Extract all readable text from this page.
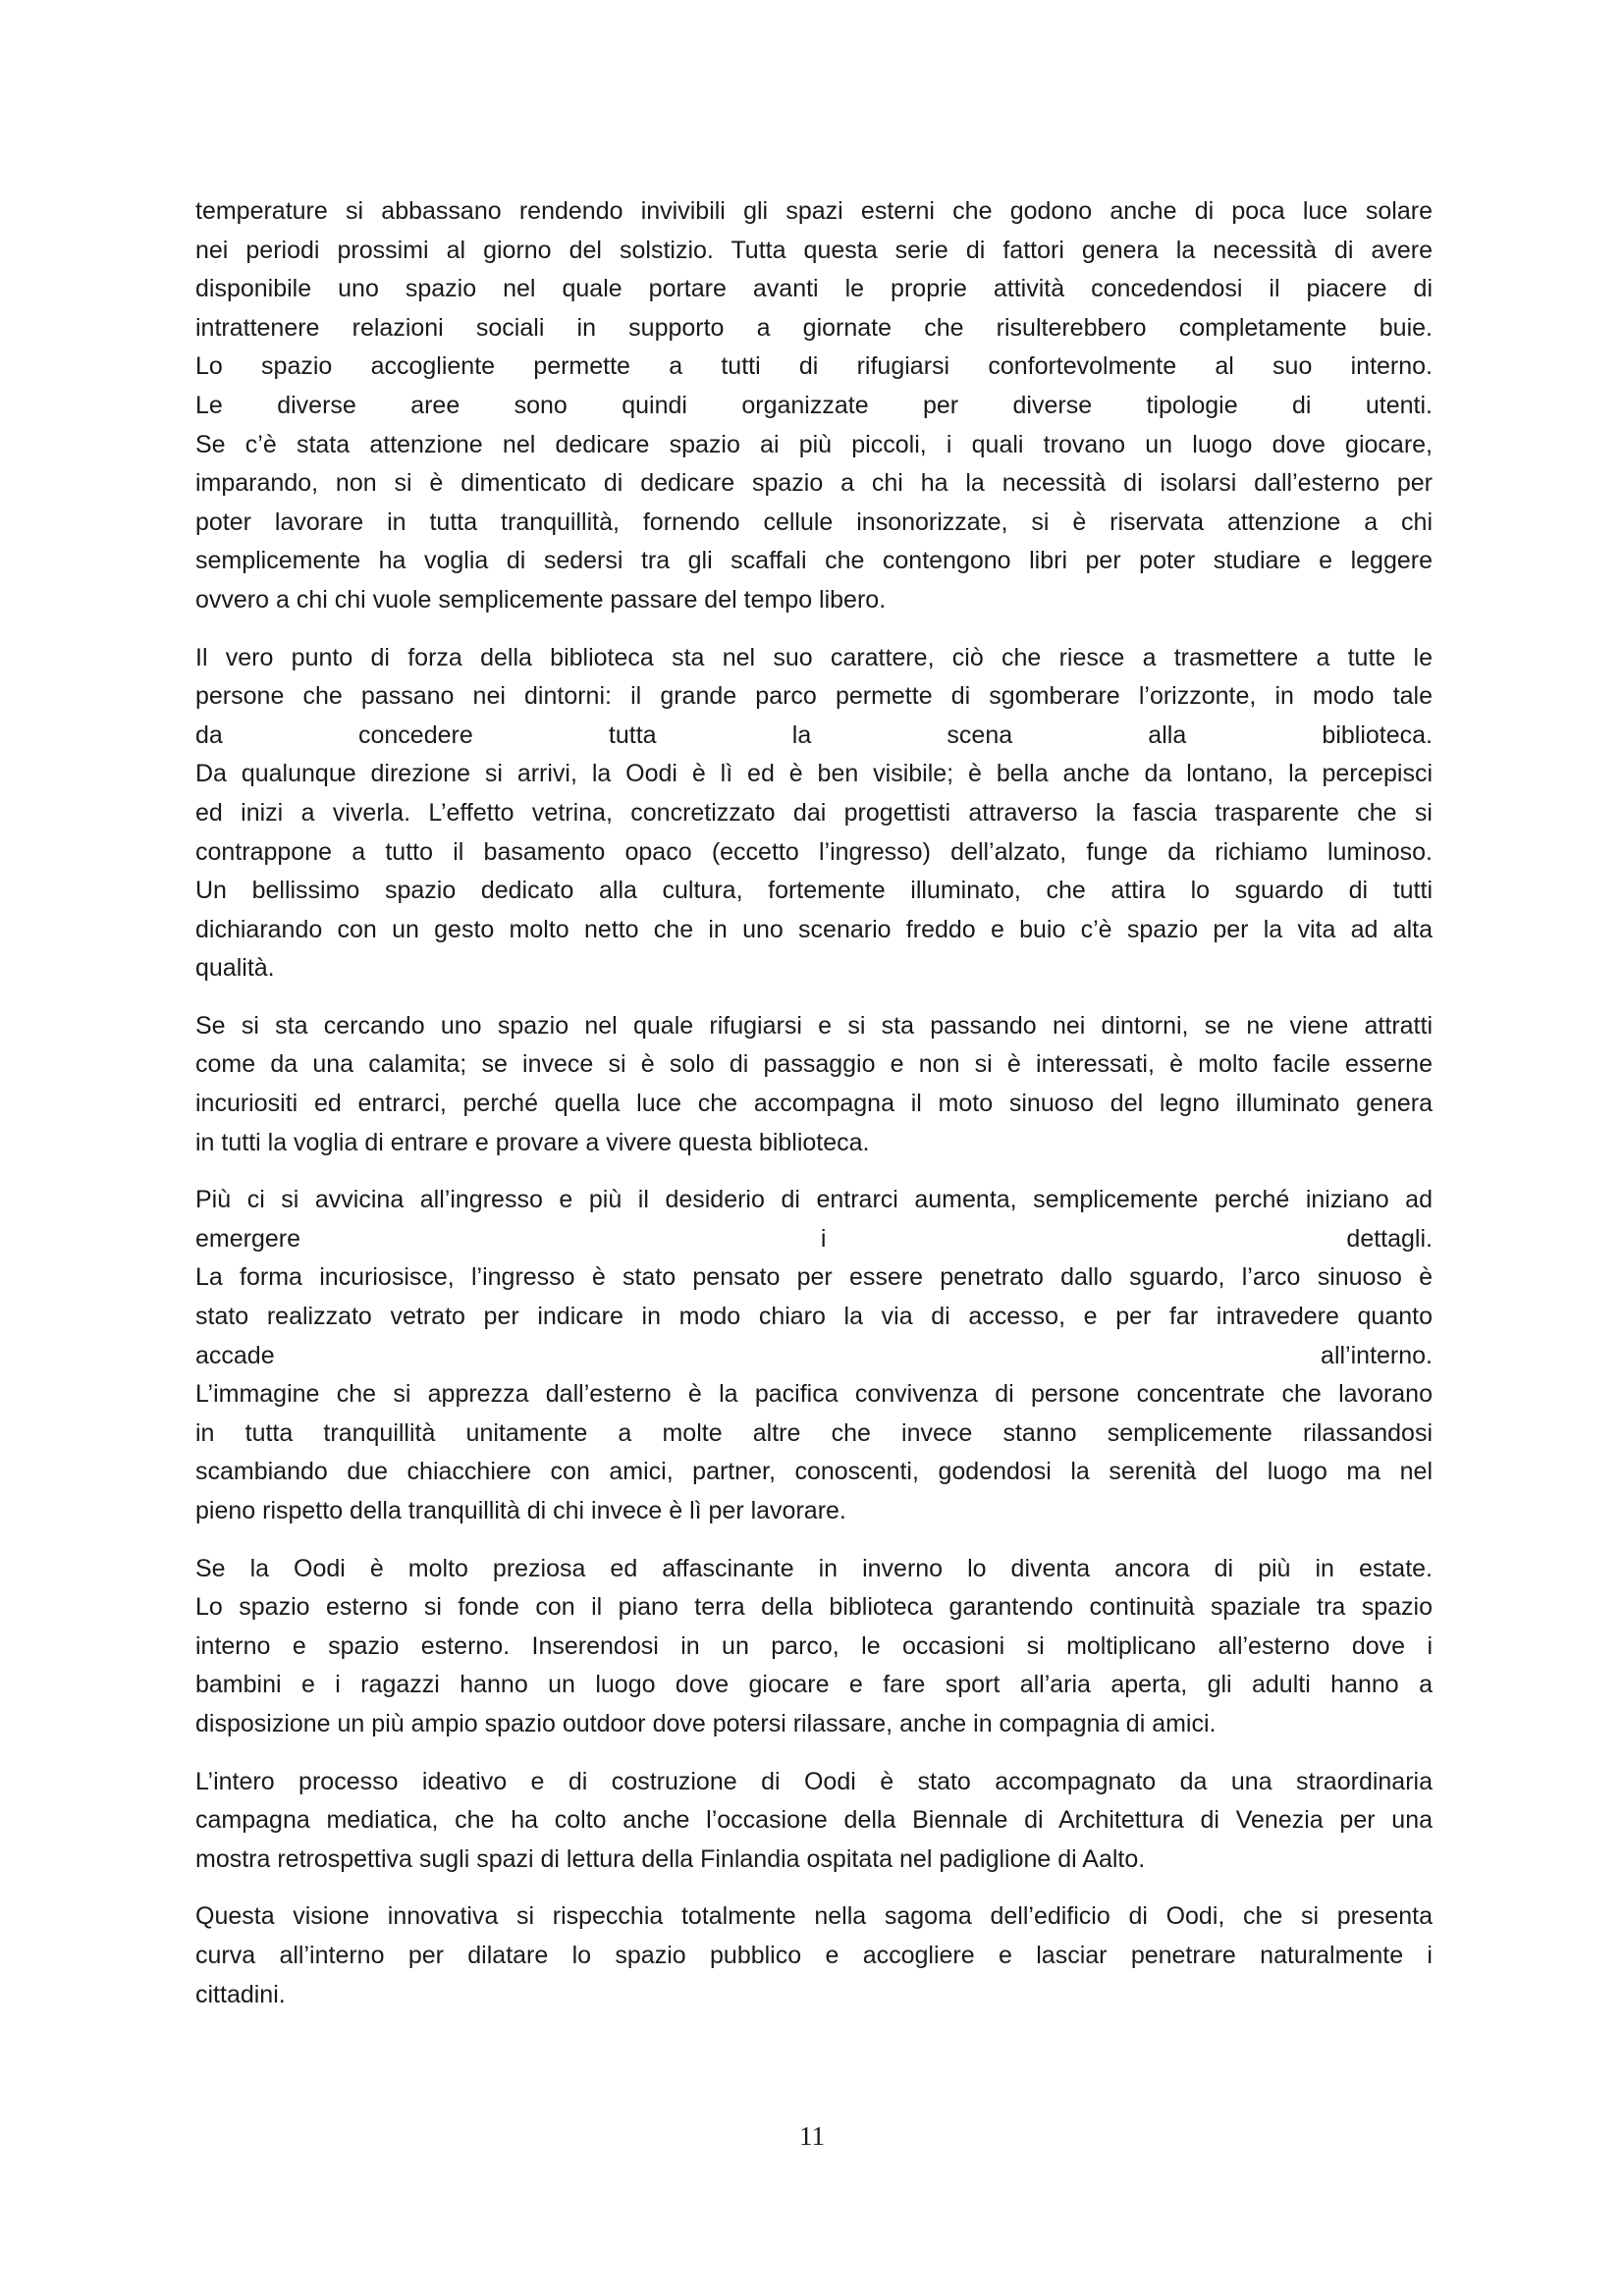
temperature si abbassano rendendo invivibili gli spazi esterni che godono anche di poca luce solare
nei periodi prossimi al giorno del solstizio. Tutta questa serie di fattori genera la necessità di avere
disponibile uno spazio nel quale portare avanti le proprie attività concedendosi il piacere di
intrattenere relazioni sociali in supporto a giornate che risulterebbero completamente buie.
Lo spazio accogliente permette a tutti di rifugiarsi confortevolmente al suo interno.
Le diverse aree sono quindi organizzate per diverse tipologie di utenti.
Se c’è stata attenzione nel dedicare spazio ai più piccoli, i quali trovano un luogo dove giocare,
imparando, non si è dimenticato di dedicare spazio a chi ha la necessità di isolarsi dall’esterno per
poter lavorare in tutta tranquillità, fornendo cellule insonorizzate, si è riservata attenzione a chi
semplicemente ha voglia di sedersi tra gli scaffali che contengono libri per poter studiare e leggere
ovvero a chi chi vuole semplicemente passare del tempo libero.
Il vero punto di forza della biblioteca sta nel suo carattere, ciò che riesce a trasmettere a tutte le
persone che passano nei dintorni: il grande parco permette di sgomberare l’orizzonte, in modo tale
da concedere tutta la scena alla biblioteca.
Da qualunque direzione si arrivi, la Oodi è lì ed è ben visibile; è bella anche da lontano, la percepisci
ed inizi a viverla. L’effetto vetrina, concretizzato dai progettisti attraverso la fascia trasparente che si
contrappone a tutto il basamento opaco (eccetto l’ingresso) dell’alzato, funge da richiamo luminoso.
Un bellissimo spazio dedicato alla cultura, fortemente illuminato, che attira lo sguardo di tutti
dichiarando con un gesto molto netto che in uno scenario freddo e buio c’è spazio per la vita ad alta
qualità.
Se si sta cercando uno spazio nel quale rifugiarsi e si sta passando nei dintorni, se ne viene attratti
come da una calamita; se invece si è solo di passaggio e non si è interessati, è molto facile esserne
incuriositi ed entrarci, perché quella luce che accompagna il moto sinuoso del legno illuminato genera
in tutti la voglia di entrare e provare a vivere questa biblioteca.
Più ci si avvicina all’ingresso e più il desiderio di entrarci aumenta, semplicemente perché iniziano ad
emergere i dettagli.
La forma incuriosisce, l’ingresso è stato pensato per essere penetrato dallo sguardo, l’arco sinuoso è
stato realizzato vetrato per indicare in modo chiaro la via di accesso, e per far intravedere quanto
accade all’interno.
L’immagine che si apprezza dall’esterno è la pacifica convivenza di persone concentrate che lavorano
in tutta tranquillità unitamente a molte altre che invece stanno semplicemente rilassandosi
scambiando due chiacchiere con amici, partner, conoscenti, godendosi la serenità del luogo ma nel
pieno rispetto della tranquillità di chi invece è lì per lavorare.
Se la Oodi è molto preziosa ed affascinante in inverno lo diventa ancora di più in estate.
Lo spazio esterno si fonde con il piano terra della biblioteca garantendo continuità spaziale tra spazio
interno e spazio esterno. Inserendosi in un parco, le occasioni si moltiplicano all’esterno dove i
bambini e i ragazzi hanno un luogo dove giocare e fare sport all’aria aperta, gli adulti hanno a
disposizione un più ampio spazio outdoor dove potersi rilassare, anche in compagnia di amici.
L’intero processo ideativo e di costruzione di Oodi è stato accompagnato da una straordinaria
campagna mediatica, che ha colto anche l’occasione della Biennale di Architettura di Venezia per una
mostra retrospettiva sugli spazi di lettura della Finlandia ospitata nel padiglione di Aalto.
Questa visione innovativa si rispecchia totalmente nella sagoma dell’edificio di Oodi, che si presenta
curva all’interno per dilatare lo spazio pubblico e accogliere e lasciar penetrare naturalmente i
cittadini.
11
